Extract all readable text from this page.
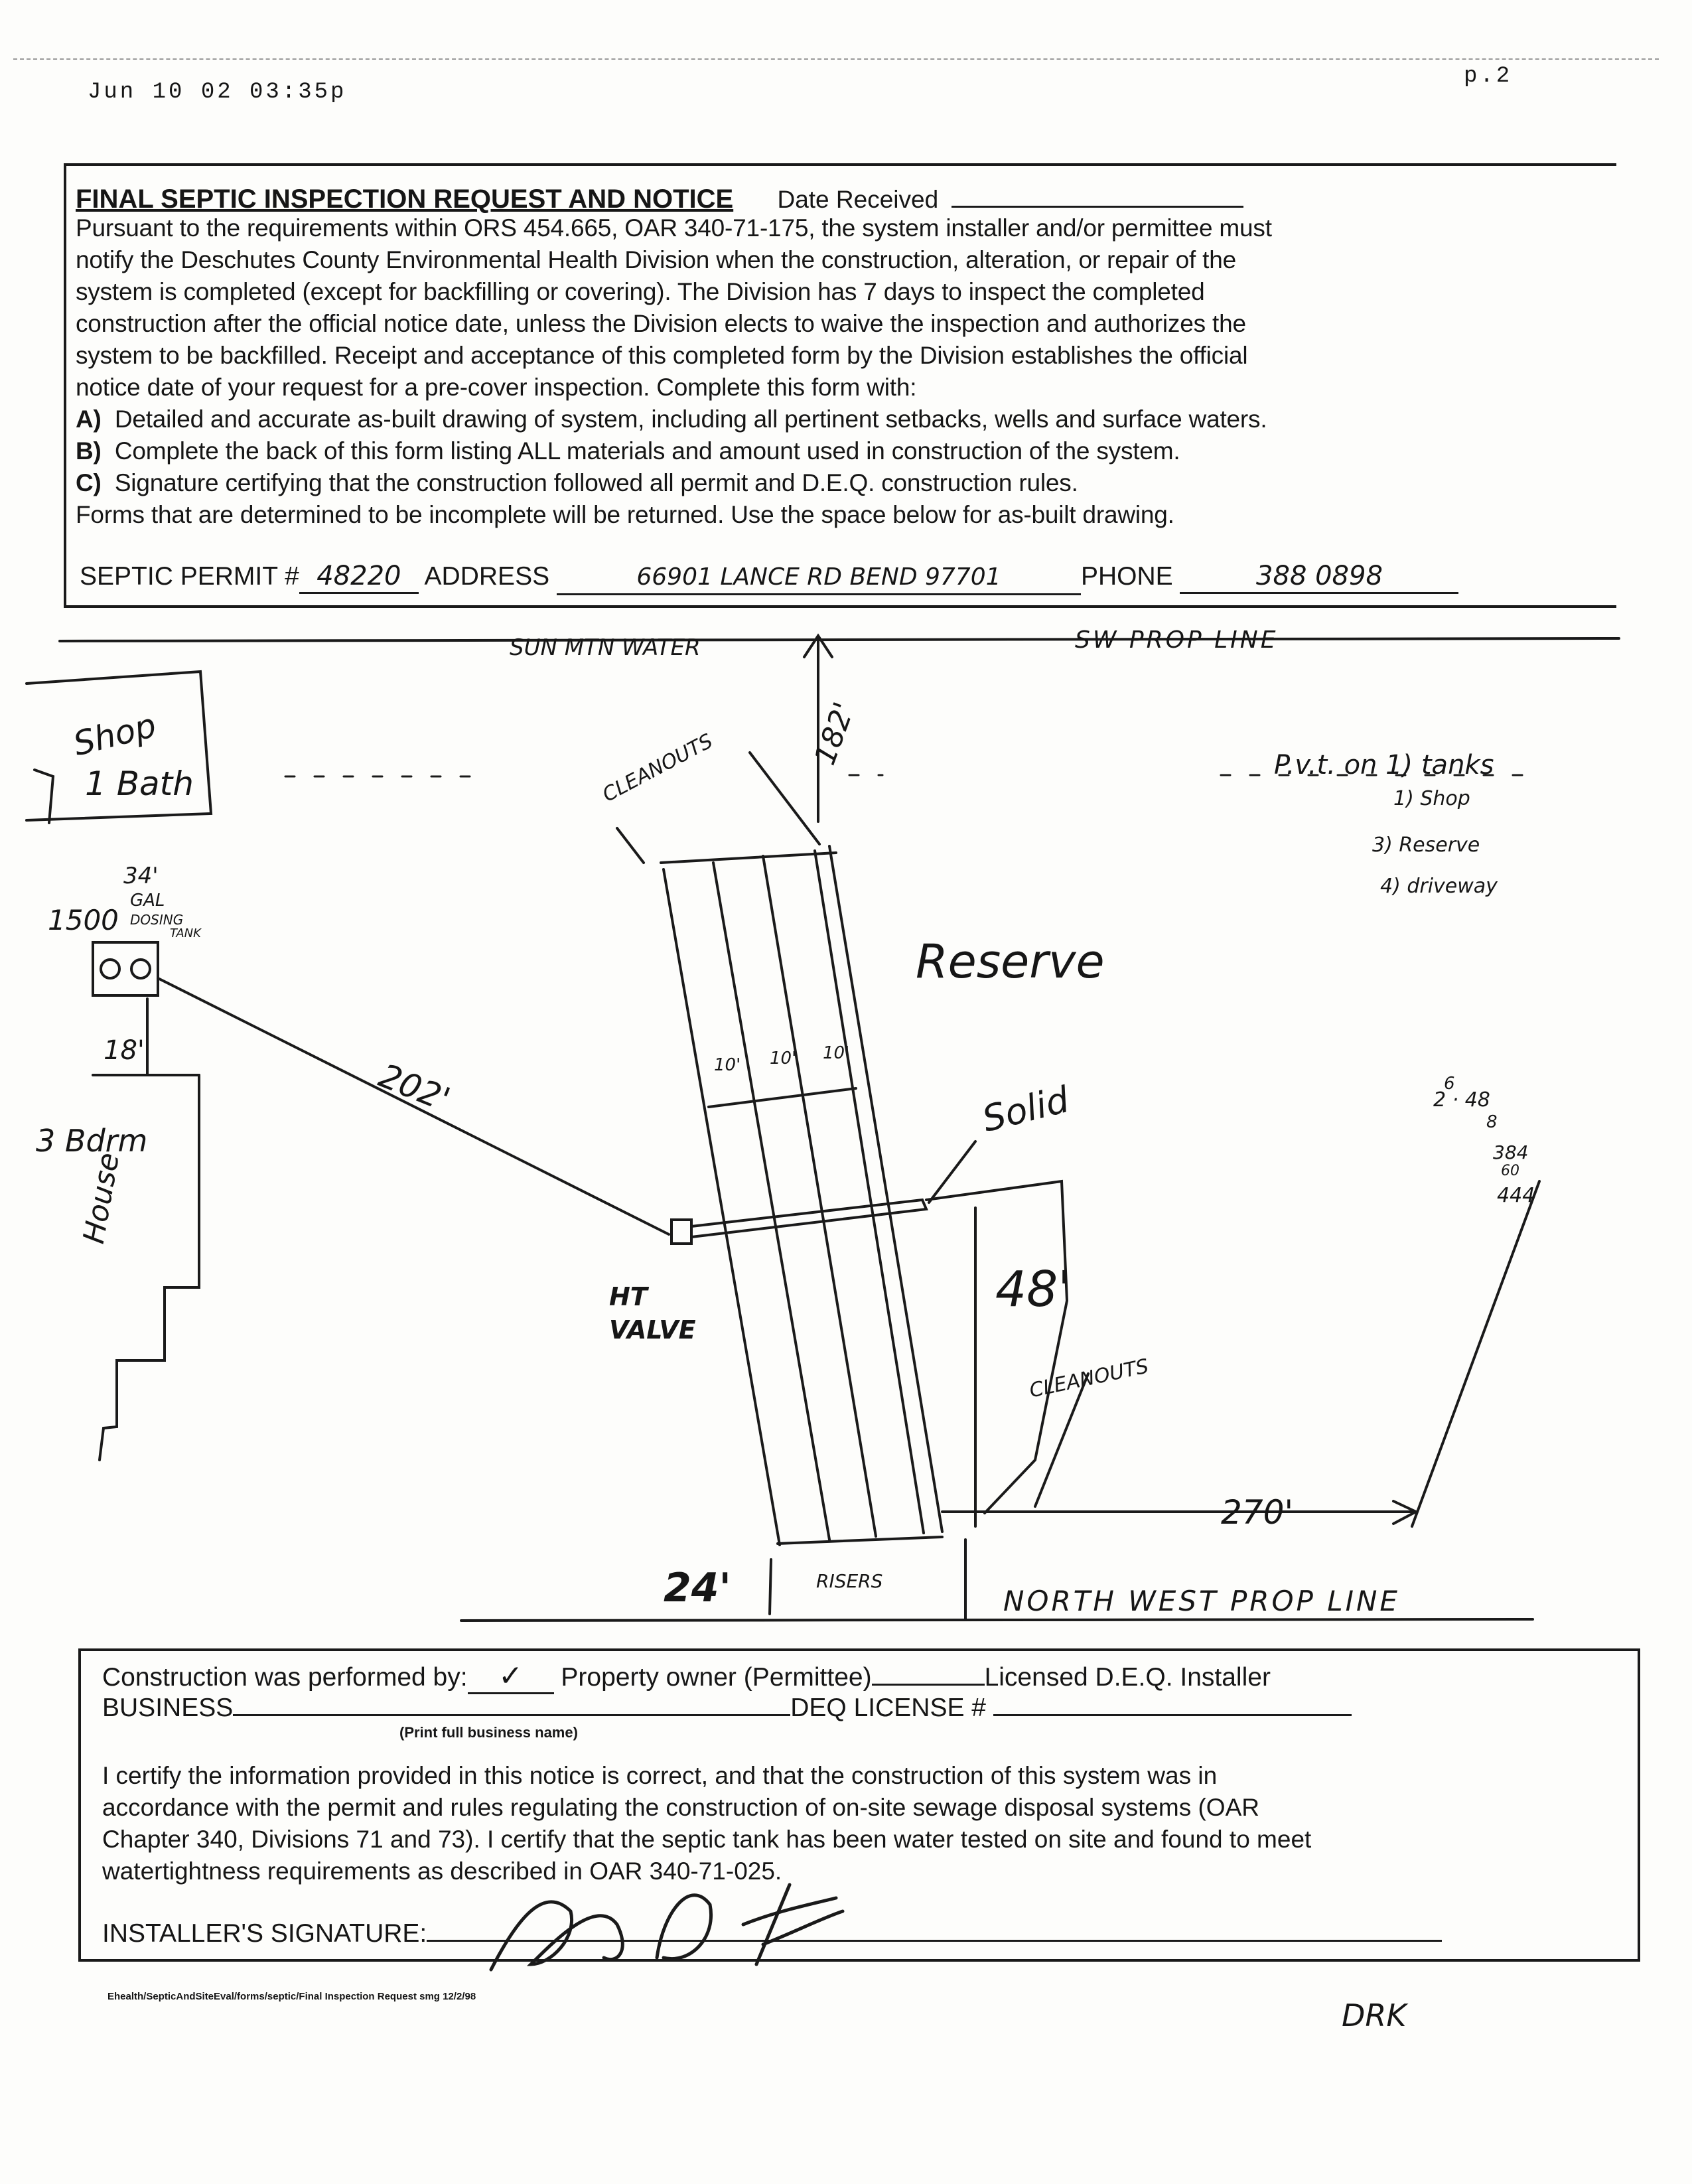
Jun 10 02 03:35p
p.2
FINAL SEPTIC INSPECTION REQUEST AND NOTICE Date Received
Pursuant to the requirements within ORS 454.665, OAR 340-71-175, the system installer and/or permittee must
notify the Deschutes County Environmental Health Division when the construction, alteration, or repair of the
system is completed (except for backfilling or covering). The Division has 7 days to inspect the completed
construction after the official notice date, unless the Division elects to waive the inspection and authorizes the
system to be backfilled. Receipt and acceptance of this completed form by the Division establishes the official
notice date of your request for a pre-cover inspection. Complete this form with:
A) Detailed and accurate as-built drawing of system, including all pertinent setbacks, wells and surface waters.
B) Complete the back of this form listing ALL materials and amount used in construction of the system.
C) Signature certifying that the construction followed all permit and D.E.Q. construction rules.
Forms that are determined to be incomplete will be returned. Use the space below for as-built drawing.
SEPTIC PERMIT # 48220 ADDRESS	66901 LANCE RD BEND 97701	PHONE	388 0898
SUN MTN WATER	SW PROP LINE
Shop
1 Bath
1500
34'
GAL
DOSING
TANK
18'
3 Bdrm
House
202'
182'
CLEANOUTS
Reserve
10' 10' 10'
Solid
HT
VALVE
48'
CLEANOUTS
270'
24'	RISERS
NORTH WEST PROP LINE
P.v.t. on 1) tanks
1) Shop
3) Reserve
4) driveway
6
2 · 48
8
384
60
444
Construction was performed by: ✓ Property owner (Permittee)	Licensed D.E.Q. Installer
BUSINESS	DEQ LICENSE #
(Print full business name)
I certify the information provided in this notice is correct, and that the construction of this system was in
accordance with the permit and rules regulating the construction of on-site sewage disposal systems (OAR
Chapter 340, Divisions 71 and 73). I certify that the septic tank has been water tested on site and found to meet
watertightness requirements as described in OAR 340-71-025.
INSTALLER'S SIGNATURE:
Ehealth/SepticAndSiteEval/forms/septic/Final Inspection Request smg 12/2/98
DRK
